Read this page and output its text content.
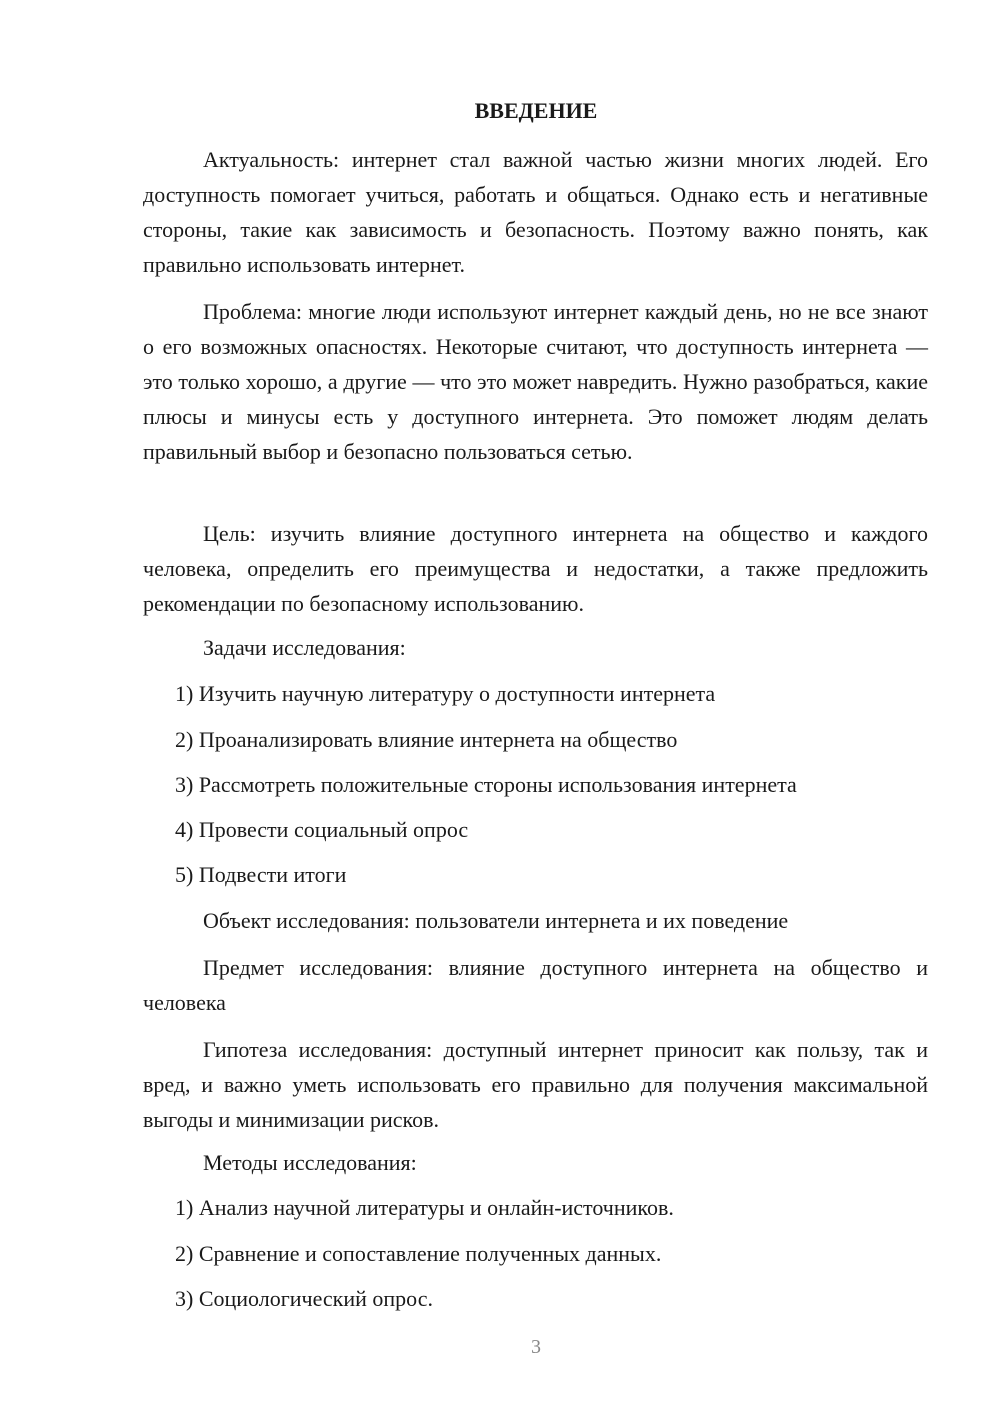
ВВЕДЕНИЕ

Актуальность: интернет стал важной частью жизни многих людей. Его доступность помогает учиться, работать и общаться. Однако есть и негативные стороны, такие как зависимость и безопасность. Поэтому важно понять, как правильно использовать интернет.

Проблема: многие люди используют интернет каждый день, но не все знают о его возможных опасностях. Некоторые считают, что доступность интернета — это только хорошо, а другие — что это может навредить. Нужно разобраться, какие плюсы и минусы есть у доступного интернета. Это поможет людям делать правильный выбор и безопасно пользоваться сетью.

Цель: изучить влияние доступного интернета на общество и каждого человека, определить его преимущества и недостатки, а также предложить рекомендации по безопасному использованию.

Задачи исследования:

1) Изучить научную литературу о доступности интернета

2) Проанализировать влияние интернета на общество

3) Рассмотреть положительные стороны использования интернета

4) Провести социальный опрос

5) Подвести итоги

Объект исследования: пользователи интернета и их поведение

Предмет исследования: влияние доступного интернета на общество и человека

Гипотеза исследования: доступный интернет приносит как пользу, так и вред, и важно уметь использовать его правильно для получения максимальной выгоды и минимизации рисков.

Методы исследования:

1) Анализ научной литературы и онлайн-источников.

2) Сравнение и сопоставление полученных данных.

3) Социологический опрос.

3
